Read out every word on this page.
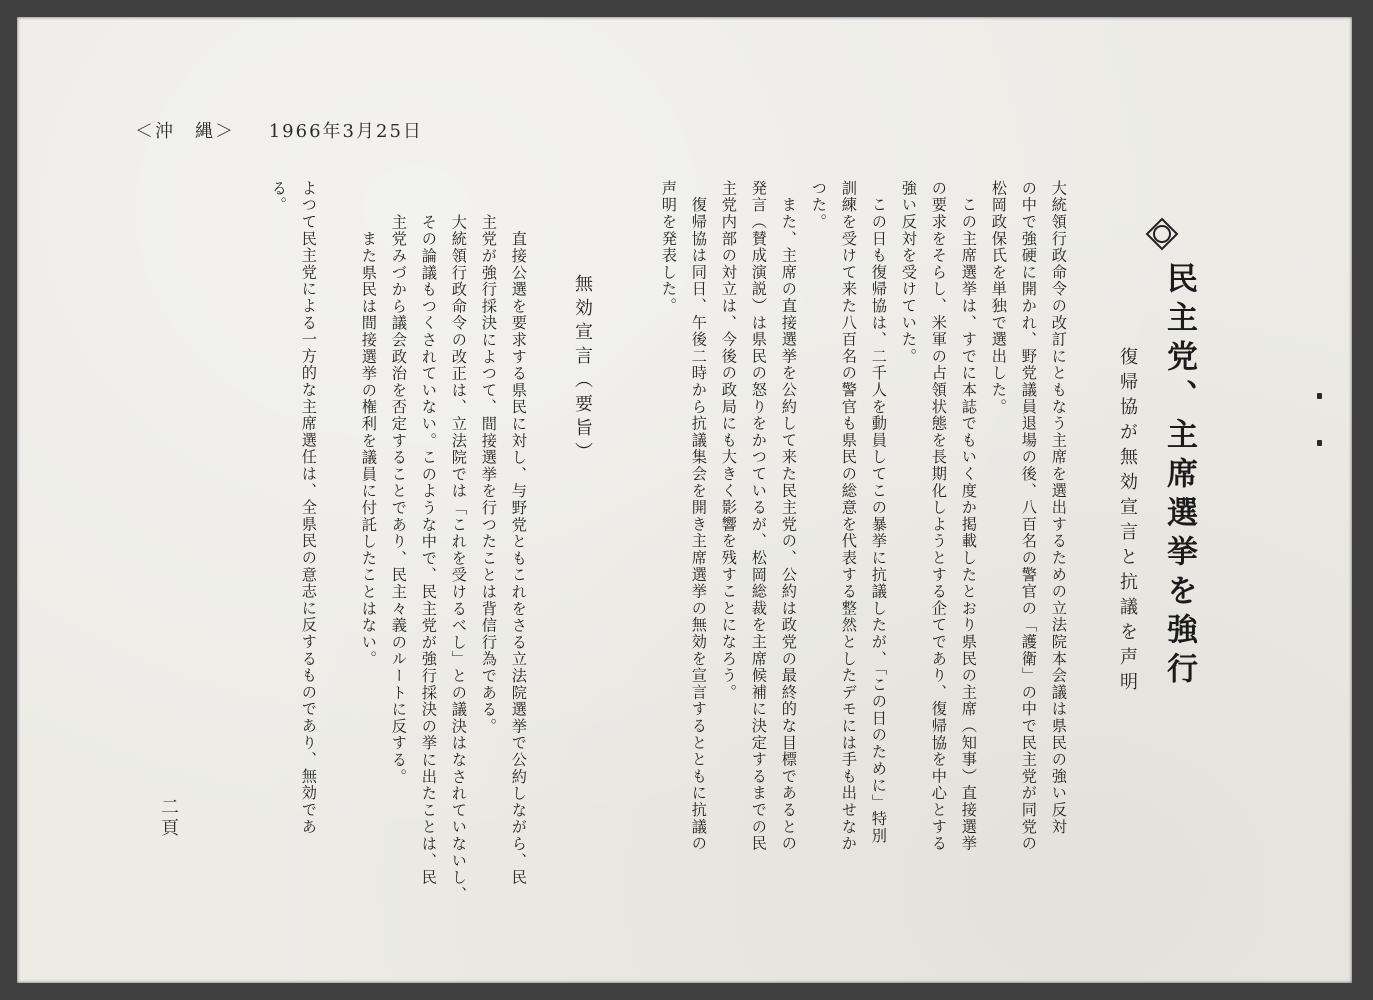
＜沖　縄＞ 1966年3月25日
民主党、主席選挙を強行
復帰協が無効宣言と抗議を声明
大統領行政命令の改訂にともなう主席を選出するための立法院本会議は県民の強い反対
の中で強硬に開かれ、野党議員退場の後、八百名の警官の「護衛」の中で民主党が同党の
松岡政保氏を単独で選出した。
　この主席選挙は、すでに本誌でもいく度か掲載したとおり県民の主席（知事）直接選挙
の要求をそらし、米軍の占領状態を長期化しようとする企てであり、復帰協を中心とする
強い反対を受けていた。
　この日も復帰協は、二千人を動員してこの暴挙に抗議したが、「この日のために」特別
訓練を受けて来た八百名の警官も県民の総意を代表する整然としたデモには手も出せなか
つた。
　また、主席の直接選挙を公約して来た民主党の、公約は政党の最終的な目標であるとの
発言（賛成演説）は県民の怒りをかつているが、松岡総裁を主席候補に決定するまでの民
主党内部の対立は、今後の政局にも大きく影響を残すことになろう。
　復帰協は同日、午後二時から抗議集会を開き主席選挙の無効を宣言するとともに抗議の
声明を発表した。

無効宣言（要旨）
　直接公選を要求する県民に対し、与野党ともこれをさる立法院選挙で公約しながら、民
主党が強行採決によつて、間接選挙を行つたことは背信行為である。
大統領行政命令の改正は、立法院では「これを受けるべし」との議決はなされていないし、
その論議もつくされていない。このような中で、民主党が強行採決の挙に出たことは、民
主党みづから議会政治を否定することであり、民主々義のルートに反する。
　また県民は間接選挙の権利を議員に付託したことはない。
よつて民主党による一方的な主席選任は、全県民の意志に反するものであり、無効であ
る。
二頁
